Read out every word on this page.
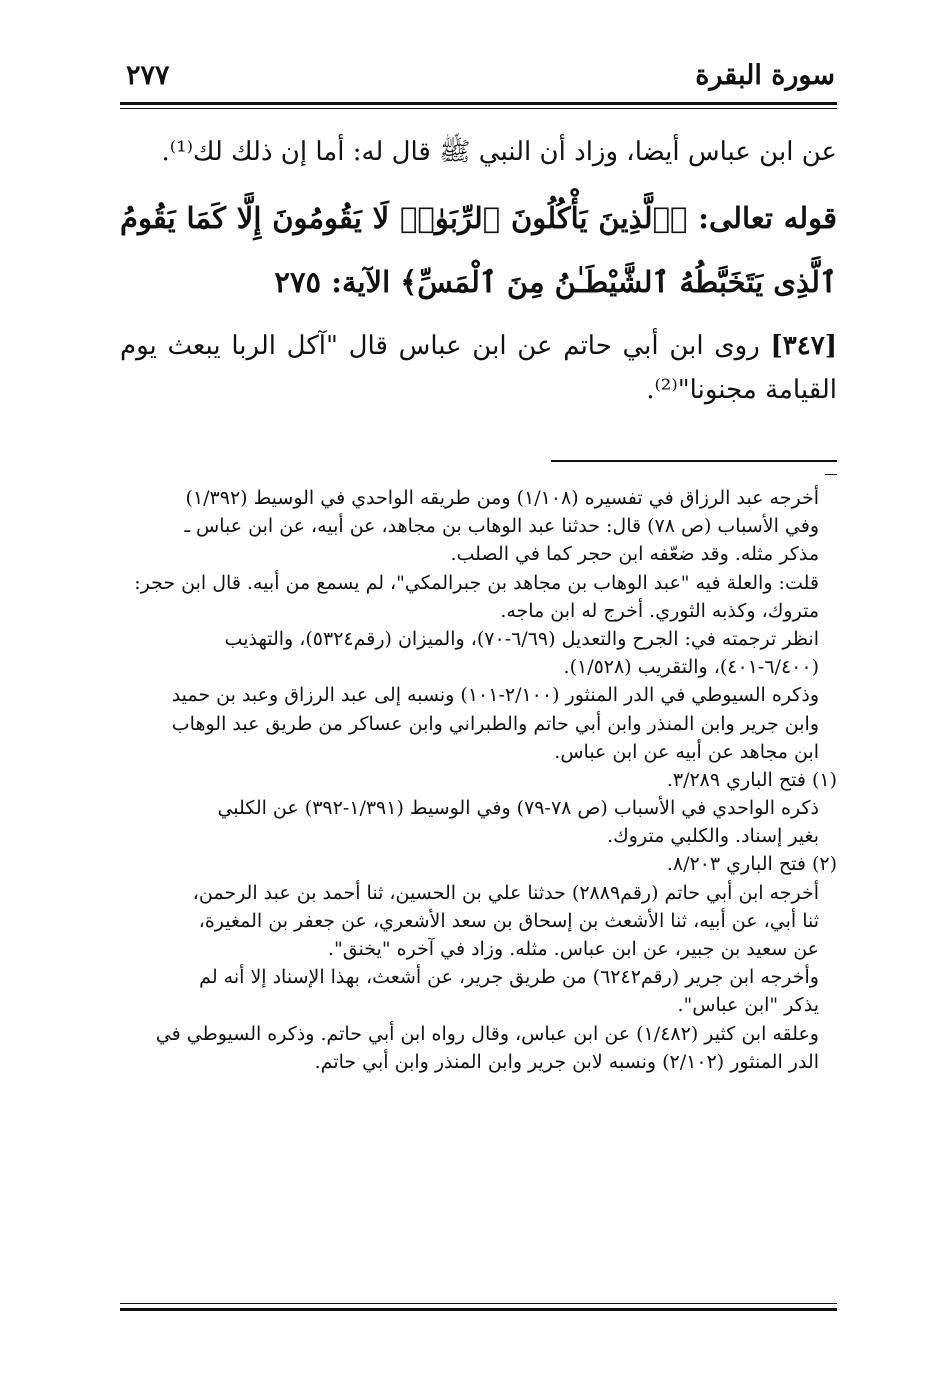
٢٧٧	سورة البقرة
عن ابن عباس أيضا، وزاد أن النبي ﷺ قال له: أما إن ذلك لك⁽¹⁾.
قوله تعالى: ﴿ٱلَّذِينَ يَأْكُلُونَ ٱلرِّبَوٰا۟ لَا يَقُومُونَ إِلَّا كَمَا يَقُومُ
ٱلَّذِى يَتَخَبَّطُهُ ٱلشَّيْطَـٰنُ مِنَ ٱلْمَسِّ﴾ الآية: ٢٧٥
[٣٤٧] روى ابن أبي حاتم عن ابن عباس قال "آكل الربا يبعث يوم
القيامة مجنونا"⁽²⁾.
أخرجه عبد الرزاق في تفسيره (١/١٠٨) ومن طريقه الواحدي في الوسيط (١/٣٩٢)
وفي الأسباب (ص ٧٨) قال: حدثنا عبد الوهاب بن مجاهد، عن أبيه، عن ابن عباس ـ
مذكر مثله. وقد ضعّفه ابن حجر كما في الصلب.
قلت: والعلة فيه "عبد الوهاب بن مجاهد بن جبرالمكي"، لم يسمع من أبيه. قال ابن حجر:
متروك، وكذبه الثوري. أخرج له ابن ماجه.
انظر ترجمته في: الجرح والتعديل (٦/٦٩-٧٠)، والميزان (رقم٥٣٢٤)، والتهذيب
(٦/٤٠٠-٤٠١)، والتقريب (١/٥٢٨).
وذكره السيوطي في الدر المنثور (٢/١٠٠-١٠١) ونسبه إلى عبد الرزاق وعبد بن حميد
وابن جرير وابن المنذر وابن أبي حاتم والطبراني وابن عساكر من طريق عبد الوهاب
ابن مجاهد عن أبيه عن ابن عباس.
(١) فتح الباري ٣/٢٨٩.
ذكره الواحدي في الأسباب (ص ٧٨-٧٩) وفي الوسيط (١/٣٩١-٣٩٢) عن الكلبي
بغير إسناد. والكلبي متروك.
(٢) فتح الباري ٨/٢٠٣.
أخرجه ابن أبي حاتم (رقم٢٨٨٩) حدثنا علي بن الحسين، ثنا أحمد بن عبد الرحمن،
ثنا أبي، عن أبيه، ثنا الأشعث بن إسحاق بن سعد الأشعري، عن جعفر بن المغيرة،
عن سعيد بن جبير، عن ابن عباس. مثله. وزاد في آخره "يخنق".
وأخرجه ابن جرير (رقم٦٢٤٢) من طريق جرير، عن أشعث، بهذا الإسناد إلا أنه لم
يذكر "ابن عباس".
وعلقه ابن كثير (١/٤٨٢) عن ابن عباس، وقال رواه ابن أبي حاتم. وذكره السيوطي في
الدر المنثور (٢/١٠٢) ونسبه لابن جرير وابن المنذر وابن أبي حاتم.
